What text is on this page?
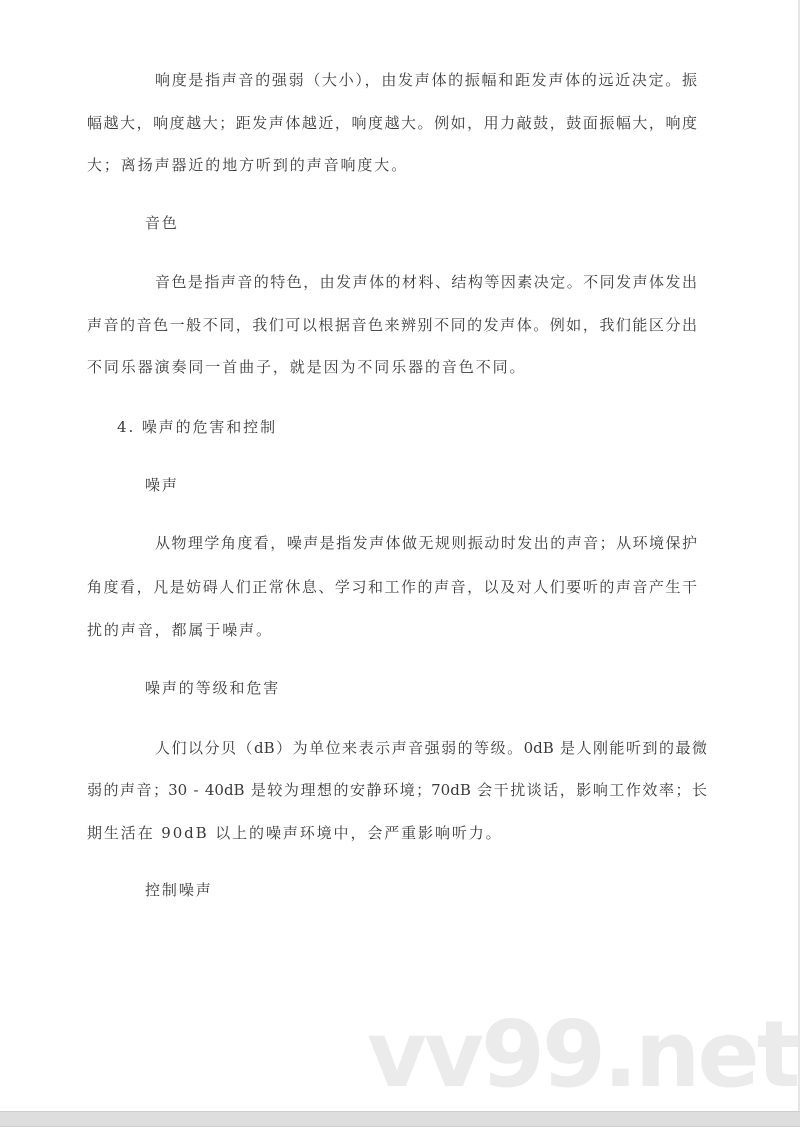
响度是指声音的强弱（大小），由发声体的振幅和距发声体的远近决定。振
幅越大，响度越大；距发声体越近，响度越大。例如，用力敲鼓，鼓面振幅大，响度
大；离扬声器近的地方听到的声音响度大。
音色
音色是指声音的特色，由发声体的材料、结构等因素决定。不同发声体发出
声音的音色一般不同，我们可以根据音色来辨别不同的发声体。例如，我们能区分出
不同乐器演奏同一首曲子，就是因为不同乐器的音色不同。
4. 噪声的危害和控制
噪声
从物理学角度看，噪声是指发声体做无规则振动时发出的声音；从环境保护
角度看，凡是妨碍人们正常休息、学习和工作的声音，以及对人们要听的声音产生干
扰的声音，都属于噪声。
噪声的等级和危害
人们以分贝（dB）为单位来表示声音强弱的等级。0dB 是人刚能听到的最微
弱的声音；30 - 40dB 是较为理想的安静环境；70dB 会干扰谈话，影响工作效率；长
期生活在 90dB 以上的噪声环境中，会严重影响听力。
控制噪声
vv99.net
